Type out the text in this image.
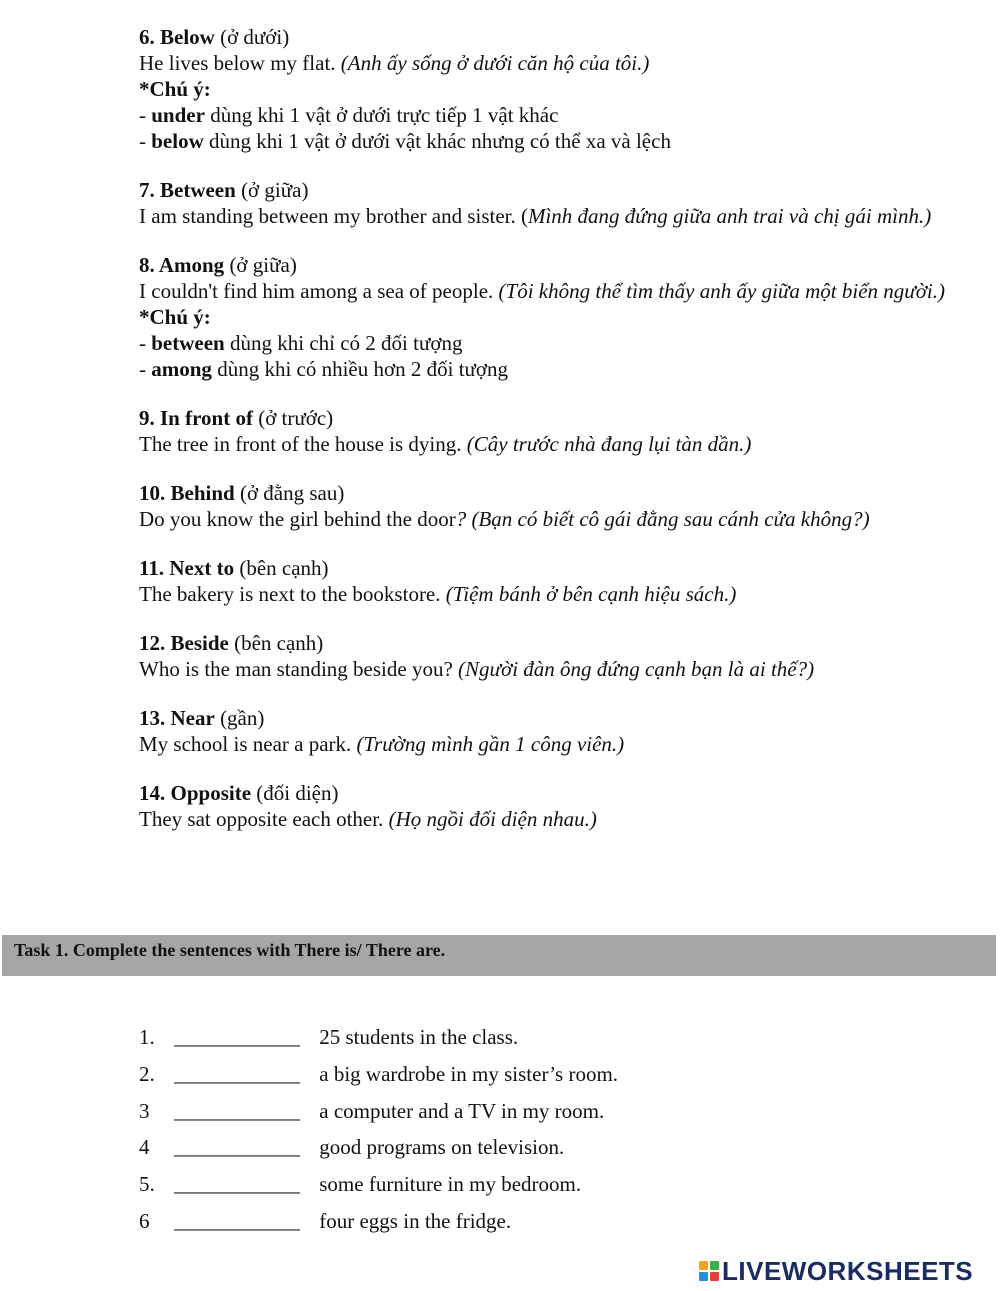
6. Below (ở dưới)

He lives below my flat. (Anh ấy sống ở dưới căn hộ của tôi.)

*Chú ý:

- under dùng khi 1 vật ở dưới trực tiếp 1 vật khác

- below dùng khi 1 vật ở dưới vật khác nhưng có thể xa và lệch

7. Between (ở giữa)

I am standing between my brother and sister. (Mình đang đứng giữa anh trai và chị gái mình.)

8. Among (ở giữa)

I couldn't find him among a sea of people. (Tôi không thể tìm thấy anh ấy giữa một biển người.)

*Chú ý:

- between dùng khi chỉ có 2 đối tượng

- among dùng khi có nhiều hơn 2 đối tượng

9. In front of (ở trước)

The tree in front of the house is dying. (Cây trước nhà đang lụi tàn dần.)

10. Behind (ở đằng sau)

Do you know the girl behind the door? (Bạn có biết cô gái đằng sau cánh cửa không?)

11. Next to (bên cạnh)

The bakery is next to the bookstore. (Tiệm bánh ở bên cạnh hiệu sách.)

12. Beside (bên cạnh)

Who is the man standing beside you? (Người đàn ông đứng cạnh bạn là ai thế?)

13. Near (gần)

My school is near a park. (Trường mình gần 1 công viên.)

14. Opposite (đối diện)

They sat opposite each other. (Họ ngồi đối diện nhau.)

Task 1. Complete the sentences with There is/ There are.
1. ____________ 25 students in the class.
2. ____________ a big wardrobe in my sister’s room.
3 ____________ a computer and a TV in my room.
4 ____________ good programs on television.
5. ____________ some furniture in my bedroom.
6 ____________ four eggs in the fridge.
LIVEWORKSHEETS
